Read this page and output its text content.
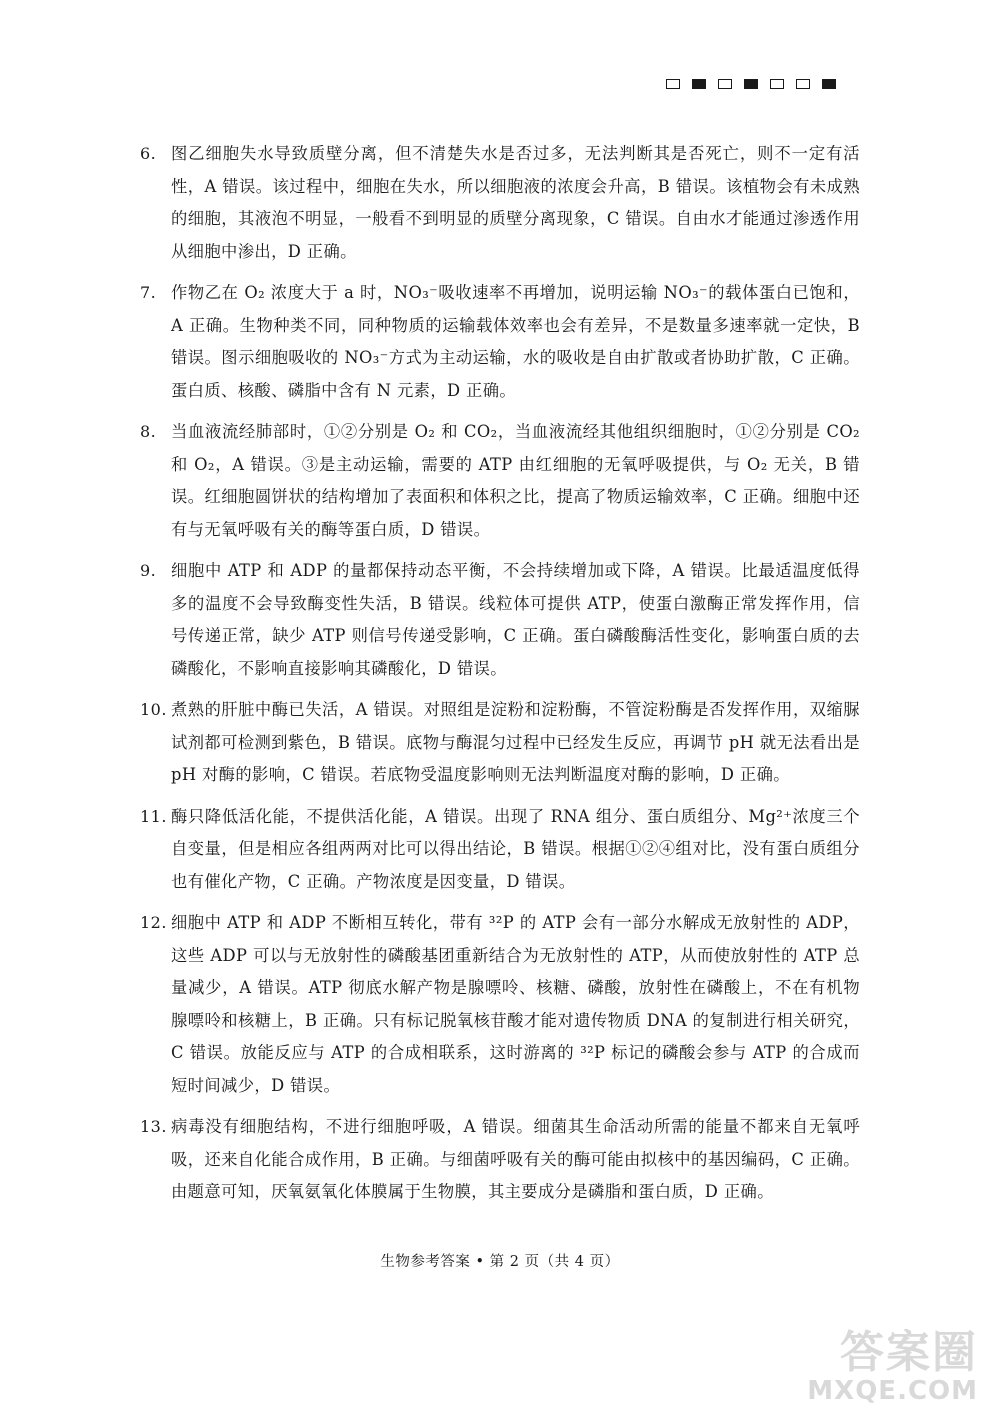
6. 图乙细胞失水导致质壁分离，但不清楚失水是否过多，无法判断其是否死亡，则不一定有活性，A 错误。该过程中，细胞在失水，所以细胞液的浓度会升高，B 错误。该植物会有未成熟的细胞，其液泡不明显，一般看不到明显的质壁分离现象，C 错误。自由水才能通过渗透作用从细胞中渗出，D 正确。
7. 作物乙在 O₂ 浓度大于 a 时，NO₃⁻吸收速率不再增加，说明运输 NO₃⁻的载体蛋白已饱和，A 正确。生物种类不同，同种物质的运输载体效率也会有差异，不是数量多速率就一定快，B 错误。图示细胞吸收的 NO₃⁻方式为主动运输，水的吸收是自由扩散或者协助扩散，C 正确。蛋白质、核酸、磷脂中含有 N 元素，D 正确。
8. 当血液流经肺部时，①②分别是 O₂ 和 CO₂，当血液流经其他组织细胞时，①②分别是 CO₂ 和 O₂，A 错误。③是主动运输，需要的 ATP 由红细胞的无氧呼吸提供，与 O₂ 无关，B 错误。红细胞圆饼状的结构增加了表面积和体积之比，提高了物质运输效率，C 正确。细胞中还有与无氧呼吸有关的酶等蛋白质，D 错误。
9. 细胞中 ATP 和 ADP 的量都保持动态平衡，不会持续增加或下降，A 错误。比最适温度低得多的温度不会导致酶变性失活，B 错误。线粒体可提供 ATP，使蛋白激酶正常发挥作用，信号传递正常，缺少 ATP 则信号传递受影响，C 正确。蛋白磷酸酶活性变化，影响蛋白质的去磷酸化，不影响直接影响其磷酸化，D 错误。
10. 煮熟的肝脏中酶已失活，A 错误。对照组是淀粉和淀粉酶，不管淀粉酶是否发挥作用，双缩脲试剂都可检测到紫色，B 错误。底物与酶混匀过程中已经发生反应，再调节 pH 就无法看出是 pH 对酶的影响，C 错误。若底物受温度影响则无法判断温度对酶的影响，D 正确。
11. 酶只降低活化能，不提供活化能，A 错误。出现了 RNA 组分、蛋白质组分、Mg²⁺浓度三个自变量，但是相应各组两两对比可以得出结论，B 错误。根据①②④组对比，没有蛋白质组分也有催化产物，C 正确。产物浓度是因变量，D 错误。
12. 细胞中 ATP 和 ADP 不断相互转化，带有 ³²P 的 ATP 会有一部分水解成无放射性的 ADP，这些 ADP 可以与无放射性的磷酸基团重新结合为无放射性的 ATP，从而使放射性的 ATP 总量减少，A 错误。ATP 彻底水解产物是腺嘌呤、核糖、磷酸，放射性在磷酸上，不在有机物腺嘌呤和核糖上，B 正确。只有标记脱氧核苷酸才能对遗传物质 DNA 的复制进行相关研究，C 错误。放能反应与 ATP 的合成相联系，这时游离的 ³²P 标记的磷酸会参与 ATP 的合成而短时间减少，D 错误。
13. 病毒没有细胞结构，不进行细胞呼吸，A 错误。细菌其生命活动所需的能量不都来自无氧呼吸，还来自化能合成作用，B 正确。与细菌呼吸有关的酶可能由拟核中的基因编码，C 正确。由题意可知，厌氧氨氧化体膜属于生物膜，其主要成分是磷脂和蛋白质，D 正确。
生物参考答案 • 第 2 页（共 4 页）
答案圈
MXQE.COM
